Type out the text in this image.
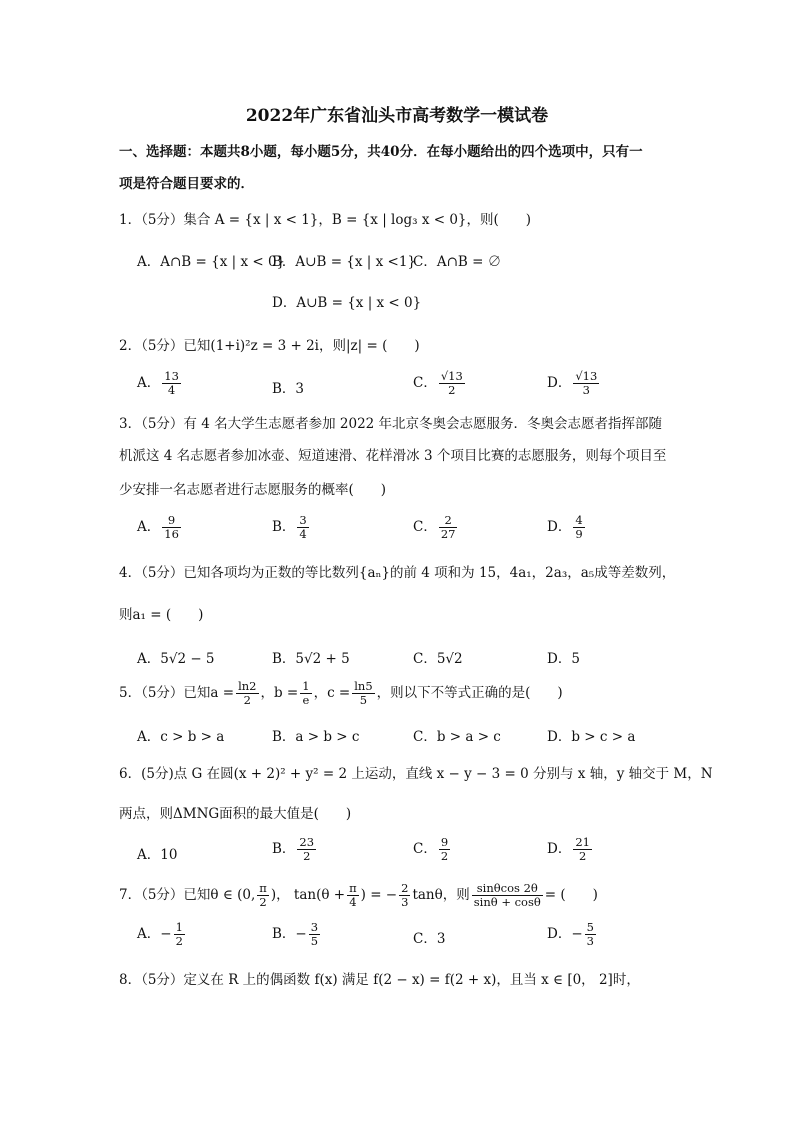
2022年广东省汕头市高考数学一模试卷
一、选择题：本题共8小题，每小题5分，共40分．在每小题给出的四个选项中，只有一
项是符合题目要求的．
1．（5分）集合 A = {x | x < 1}，B = {x | log₃ x < 0}，则(　　)
A．A∩B = {x | x < 0}
B．A∪B = {x | x <1}
C．A∩B = ∅
D．A∪B = {x | x < 0}
2．（5分）已知(1+i)²z = 3 + 2i，则|z| = (　　)
A． $\frac{13}{4}$	B．3	C． $\frac{√13}{2}$	D． $\frac{√13}{3}$
3．（5分）有 4 名大学生志愿者参加 2022 年北京冬奥会志愿服务．冬奥会志愿者指挥部随
机派这 4 名志愿者参加冰壶、短道速滑、花样滑冰 3 个项目比赛的志愿服务，则每个项目至
少安排一名志愿者进行志愿服务的概率(　　)
A． $\frac{9}{16}$	B． $\frac{3}{4}$	C． $\frac{2}{27}$	D． $\frac{4}{9}$
4．（5分）已知各项均为正数的等比数列{aₙ}的前 4 项和为 15，4a₁，2a₃，a₅成等差数列，
则a₁ = (　　)
A．5√2 − 5	B．5√2 + 5	C．5√2	D．5
5．（5分）已知$a = \frac{\ln 2}{2}$ ，$b = \frac{1}{e}$ ，$c = \frac{\ln 5}{5}$ ，则以下不等式正确的是(　　)
A．c > b > a	B．a > b > c	C．b > a > c	D．b > c > a
6．(5分)点 G 在圆(x + 2)² + y² = 2 上运动，直线 x − y − 3 = 0 分别与 x 轴，y 轴交于 M，N
两点，则ΔMNG面积的最大值是(　　)
A．10	B． $\frac{23}{2}$	C． $\frac{9}{2}$	D． $\frac{21}{2}$
7．（5分）已知θ ∈ (0, $\frac{\pi}{2}$ )， $\tan(\theta + \frac{\pi}{4}$ ) = − $\frac{2}{3}$ tanθ，则 $\frac{\sin\theta\cos 2\theta}{\sin\theta + \cos\theta}$ = (　　)
A．− $\frac{1}{2}$	B．− $\frac{3}{5}$	C．3	D．− $\frac{5}{3}$
8．（5分）定义在 R 上的偶函数 f(x) 满足 f(2 − x) = f(2 + x)，且当 x ∈ [0， 2]时，
